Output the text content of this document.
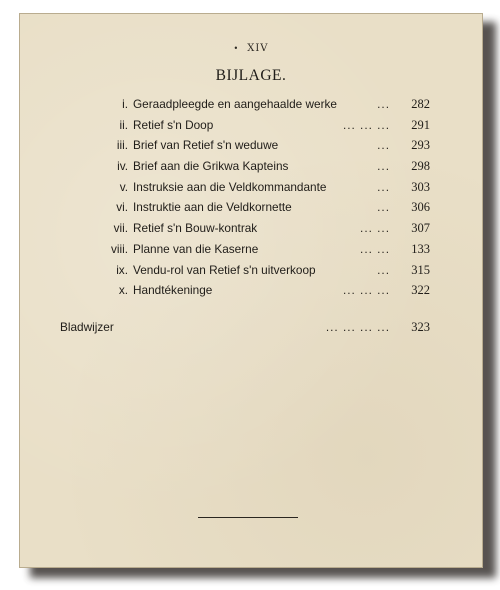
• XIV
BIJLAGE.
i. Geraadpleegde en aangehaalde werke	...	282
ii. Retief s'n Doop	... ... ...	291
iii. Brief van Retief s'n weduwe	...	293
iv. Brief aan die Grikwa Kapteins	...	298
v. Instruksie aan die Veldkommandante	...	303
vi. Instruktie aan die Veldkornette	...	306
vii. Retief s'n Bouw-kontrak	... ...	307
viii. Planne van die Kaserne	... ...	133
ix. Vendu-rol van Retief s'n uitverkoop	...	315
x. Handtékeninge	... ... ...	322
Bladwijzer	... ... ... ...	323
